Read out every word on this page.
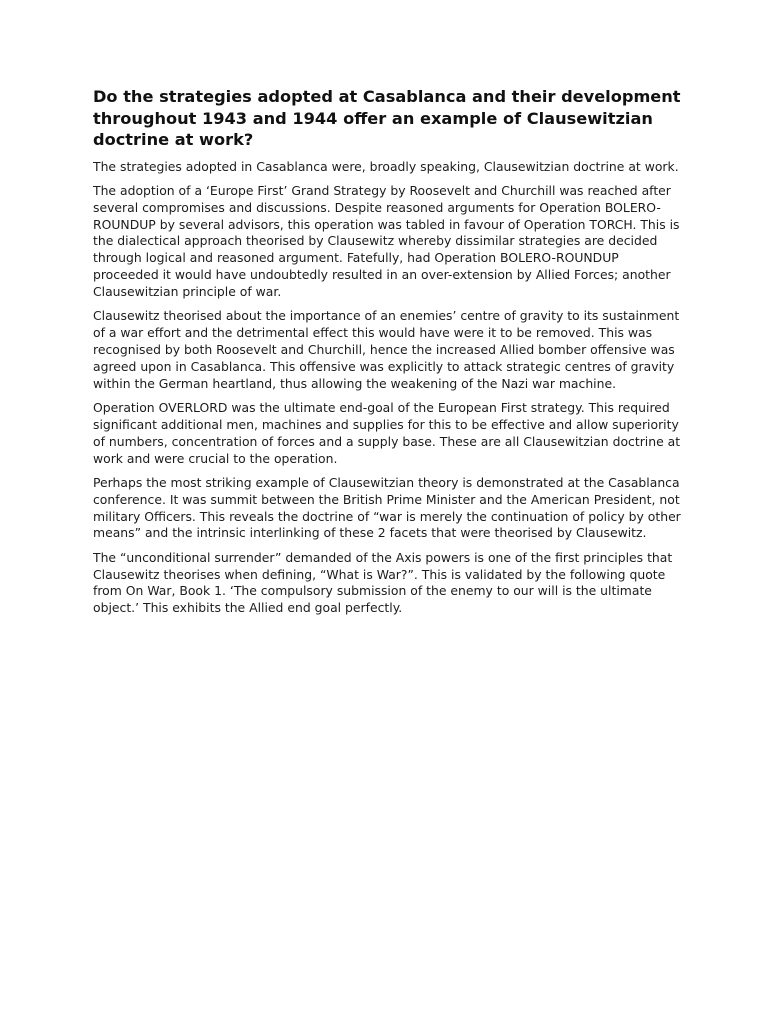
Do the strategies adopted at Casablanca and their development throughout 1943 and 1944 offer an example of Clausewitzian doctrine at work?

The strategies adopted in Casablanca were, broadly speaking, Clausewitzian doctrine at work.

The adoption of a ‘Europe First’ Grand Strategy by Roosevelt and Churchill was reached after several compromises and discussions. Despite reasoned arguments for Operation BOLERO-ROUNDUP by several advisors, this operation was tabled in favour of Operation TORCH. This is the dialectical approach theorised by Clausewitz whereby dissimilar strategies are decided through logical and reasoned argument. Fatefully, had Operation BOLERO-ROUNDUP proceeded it would have undoubtedly resulted in an over-extension by Allied Forces; another Clausewitzian principle of war.

Clausewitz theorised about the importance of an enemies’ centre of gravity to its sustainment of a war effort and the detrimental effect this would have were it to be removed. This was recognised by both Roosevelt and Churchill, hence the increased Allied bomber offensive was agreed upon in Casablanca. This offensive was explicitly to attack strategic centres of gravity within the German heartland, thus allowing the weakening of the Nazi war machine.

Operation OVERLORD was the ultimate end-goal of the European First strategy. This required significant additional men, machines and supplies for this to be effective and allow superiority of numbers, concentration of forces and a supply base. These are all Clausewitzian doctrine at work and were crucial to the operation.

Perhaps the most striking example of Clausewitzian theory is demonstrated at the Casablanca conference. It was summit between the British Prime Minister and the American President, not military Officers. This reveals the doctrine of “war is merely the continuation of policy by other means” and the intrinsic interlinking of these 2 facets that were theorised by Clausewitz.

The “unconditional surrender” demanded of the Axis powers is one of the first principles that Clausewitz theorises when defining, “What is War?”. This is validated by the following quote from On War, Book 1. ‘The compulsory submission of the enemy to our will is the ultimate object.’ This exhibits the Allied end goal perfectly.
